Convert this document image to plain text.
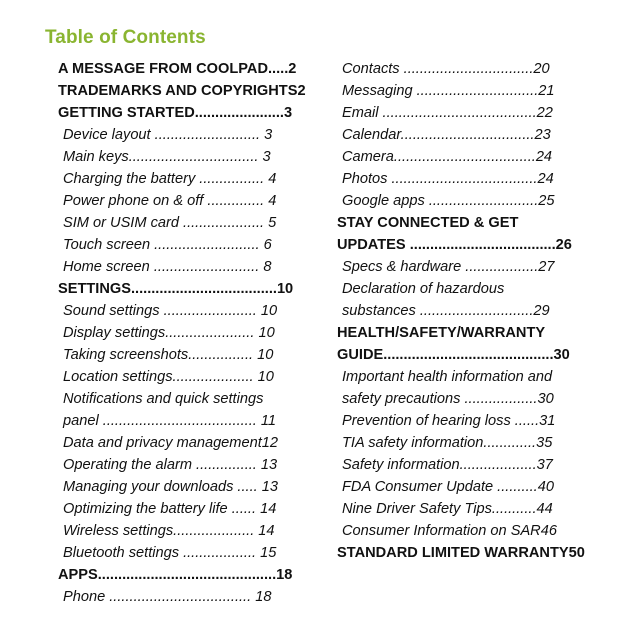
Table of Contents
A MESSAGE FROM COOLPAD.....2
TRADEMARKS AND COPYRIGHTS2
GETTING STARTED......................3
Device layout .......................... 3
Main keys................................ 3
Charging the battery ................ 4
Power phone on & off .............. 4
SIM or USIM card .................... 5
Touch screen .......................... 6
Home screen .......................... 8
SETTINGS....................................10
Sound settings ....................... 10
Display settings...................... 10
Taking screenshots................ 10
Location settings.................... 10
Notifications and quick settings
panel ...................................... 11
Data and privacy management12
Operating the alarm ............... 13
Managing your downloads ..... 13
Optimizing the battery life ...... 14
Wireless settings.................... 14
Bluetooth settings .................. 15
APPS............................................18
Phone ................................... 18
Contacts ................................20
Messaging ..............................21
Email ......................................22
Calendar.................................23
Camera...................................24
Photos ....................................24
Google apps ...........................25
STAY CONNECTED & GET
UPDATES ....................................26
Specs & hardware ..................27
Declaration of hazardous
substances ............................29
HEALTH/SAFETY/WARRANTY
GUIDE..........................................30
Important health information and
safety precautions ..................30
Prevention of hearing loss ......31
TIA safety information.............35
Safety information...................37
FDA Consumer Update ..........40
Nine Driver Safety Tips...........44
Consumer Information on SAR46
STANDARD LIMITED WARRANTY50
